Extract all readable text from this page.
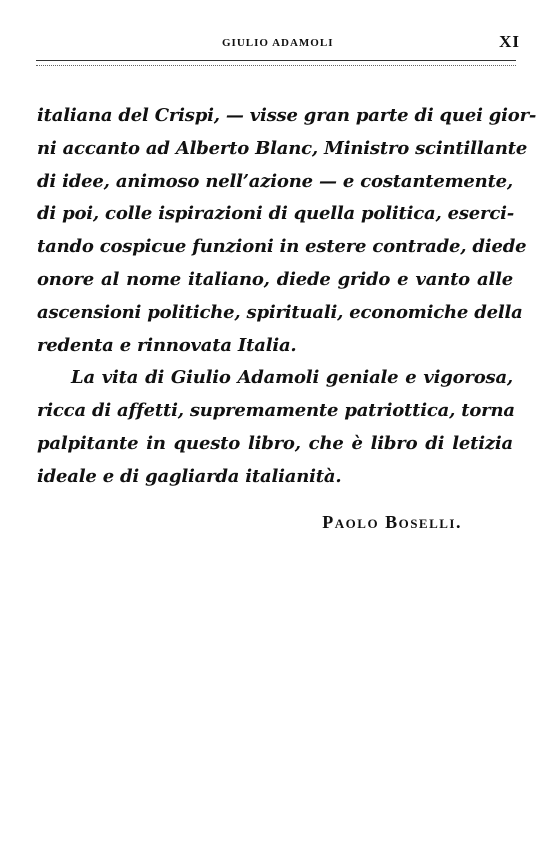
GIULIO ADAMOLI	XI
italiana del Crispi, — visse gran parte di quei gior-
ni accanto ad Alberto Blanc, Ministro scintillante
di idee, animoso nell’azione — e costantemente,
di poi, colle ispirazioni di quella politica, eserci-
tando cospicue funzioni in estere contrade, diede
onore al nome italiano, diede grido e vanto alle
ascensioni politiche, spirituali, economiche della
redenta e rinnovata Italia.
La vita di Giulio Adamoli geniale e vigorosa,
ricca di affetti, supremamente patriottica, torna
palpitante in questo libro, che è libro di letizia
ideale e di gagliarda italianità.
Paolo Boselli.
